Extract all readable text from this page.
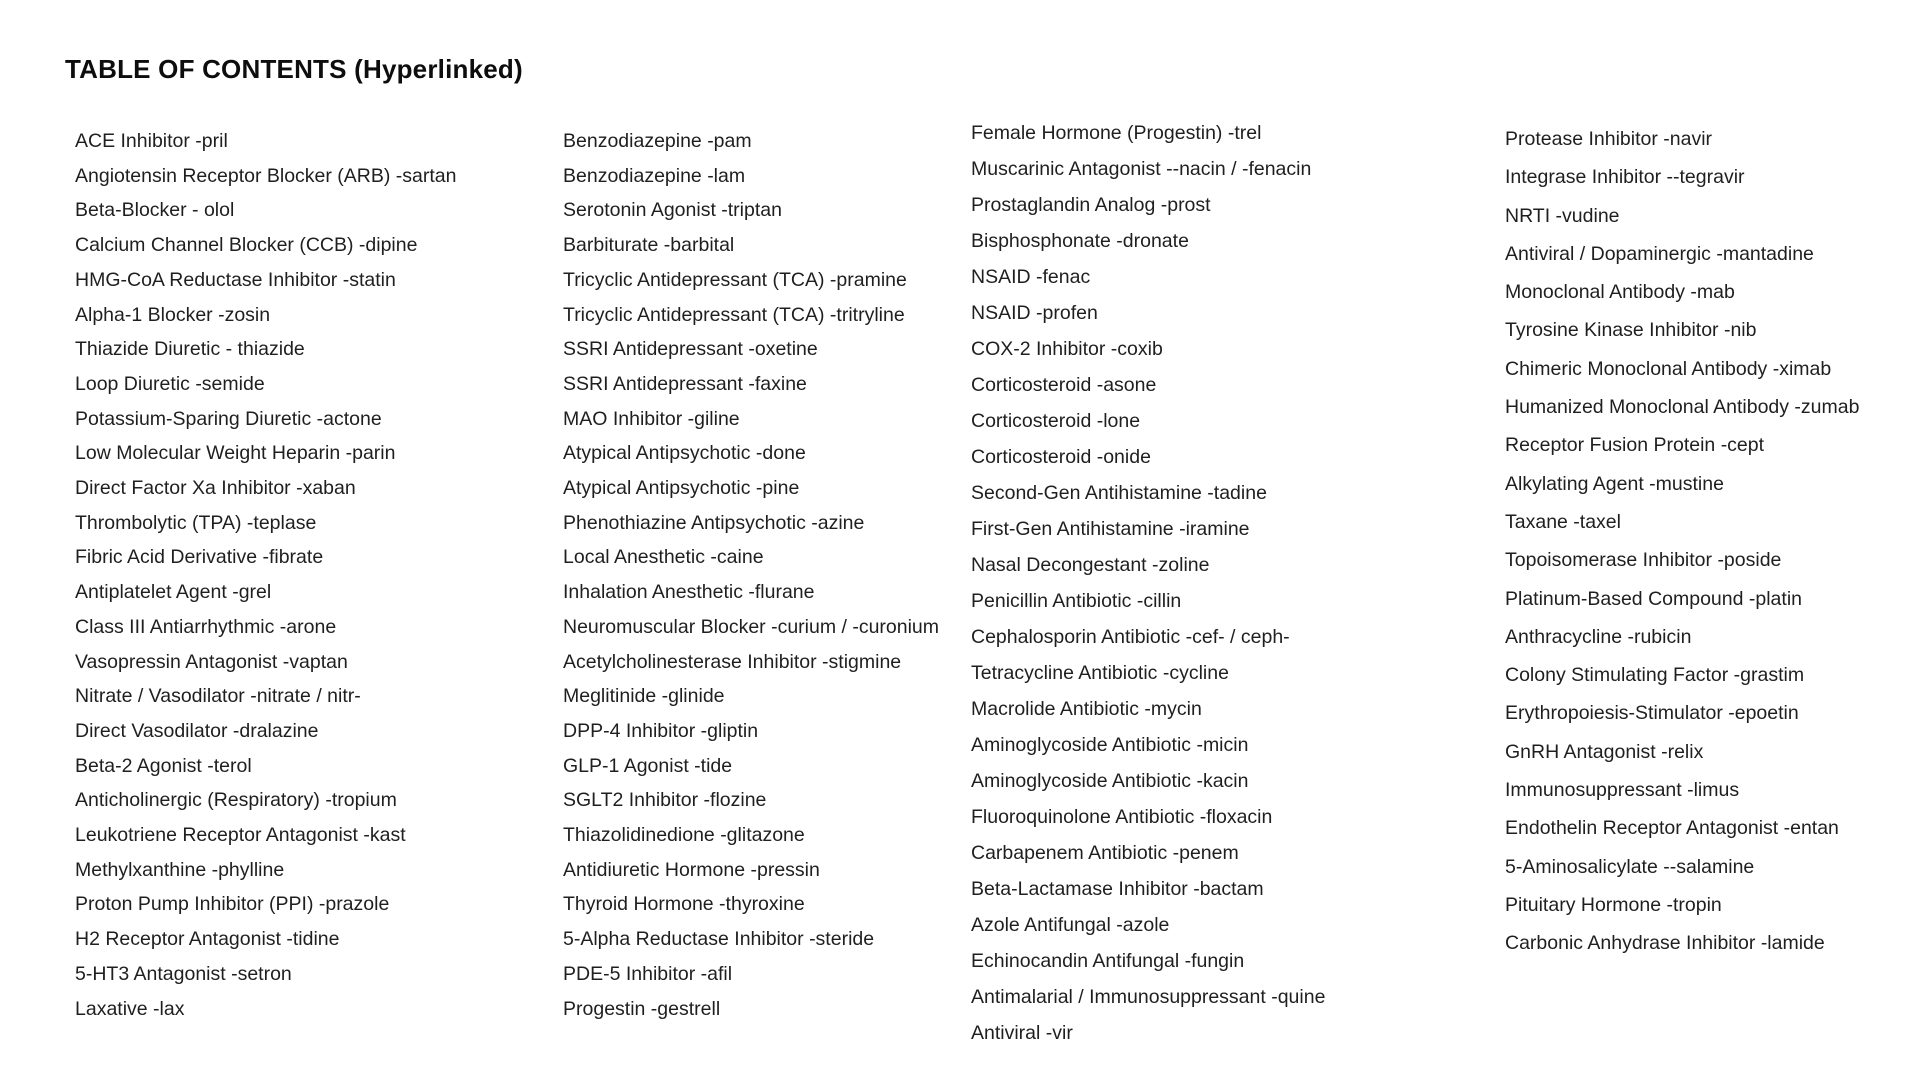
TABLE OF CONTENTS (Hyperlinked)
ACE Inhibitor -pril
Angiotensin Receptor Blocker (ARB) -sartan
Beta-Blocker - olol
Calcium Channel Blocker (CCB) -dipine
HMG-CoA Reductase Inhibitor -statin
Alpha-1 Blocker -zosin
Thiazide Diuretic - thiazide
Loop Diuretic -semide
Potassium-Sparing Diuretic -actone
Low Molecular Weight Heparin -parin
Direct Factor Xa Inhibitor -xaban
Thrombolytic (TPA) -teplase
Fibric Acid Derivative -fibrate
Antiplatelet Agent -grel
Class III Antiarrhythmic -arone
Vasopressin Antagonist -vaptan
Nitrate / Vasodilator -nitrate / nitr-
Direct Vasodilator -dralazine
Beta-2 Agonist -terol
Anticholinergic (Respiratory) -tropium
Leukotriene Receptor Antagonist -kast
Methylxanthine -phylline
Proton Pump Inhibitor (PPI) -prazole
H2 Receptor Antagonist -tidine
5-HT3 Antagonist -setron
Laxative -lax
Benzodiazepine -pam
Benzodiazepine -lam
Serotonin Agonist -triptan
Barbiturate -barbital
Tricyclic Antidepressant (TCA) -pramine
Tricyclic Antidepressant (TCA) -tritryline
SSRI Antidepressant -oxetine
SSRI Antidepressant -faxine
MAO Inhibitor -giline
Atypical Antipsychotic -done
Atypical Antipsychotic -pine
Phenothiazine Antipsychotic -azine
Local Anesthetic -caine
Inhalation Anesthetic -flurane
Neuromuscular Blocker -curium / -curonium
Acetylcholinesterase Inhibitor -stigmine
Meglitinide -glinide
DPP-4 Inhibitor -gliptin
GLP-1 Agonist -tide
SGLT2 Inhibitor -flozine
Thiazolidinedione -glitazone
Antidiuretic Hormone -pressin
Thyroid Hormone -thyroxine
5-Alpha Reductase Inhibitor -steride
PDE-5 Inhibitor -afil
Progestin -gestrell
Female Hormone (Progestin) -trel
Muscarinic Antagonist --nacin / -fenacin
Prostaglandin Analog -prost
Bisphosphonate -dronate
NSAID -fenac
NSAID -profen
COX-2 Inhibitor -coxib
Corticosteroid -asone
Corticosteroid -lone
Corticosteroid -onide
Second-Gen Antihistamine -tadine
First-Gen Antihistamine -iramine
Nasal Decongestant -zoline
Penicillin Antibiotic -cillin
Cephalosporin Antibiotic -cef- / ceph-
Tetracycline Antibiotic -cycline
Macrolide Antibiotic -mycin
Aminoglycoside Antibiotic -micin
Aminoglycoside Antibiotic -kacin
Fluoroquinolone Antibiotic -floxacin
Carbapenem Antibiotic -penem
Beta-Lactamase Inhibitor -bactam
Azole Antifungal -azole
Echinocandin Antifungal -fungin
Antimalarial / Immunosuppressant -quine
Antiviral -vir
Protease Inhibitor -navir
Integrase Inhibitor --tegravir
NRTI -vudine
Antiviral / Dopaminergic -mantadine
Monoclonal Antibody -mab
Tyrosine Kinase Inhibitor -nib
Chimeric Monoclonal Antibody -ximab
Humanized Monoclonal Antibody -zumab
Receptor Fusion Protein -cept
Alkylating Agent -mustine
Taxane -taxel
Topoisomerase Inhibitor -poside
Platinum-Based Compound -platin
Anthracycline -rubicin
Colony Stimulating Factor -grastim
Erythropoiesis-Stimulator -epoetin
GnRH Antagonist -relix
Immunosuppressant -limus
Endothelin Receptor Antagonist -entan
5-Aminosalicylate --salamine
Pituitary Hormone -tropin
Carbonic Anhydrase Inhibitor -lamide
